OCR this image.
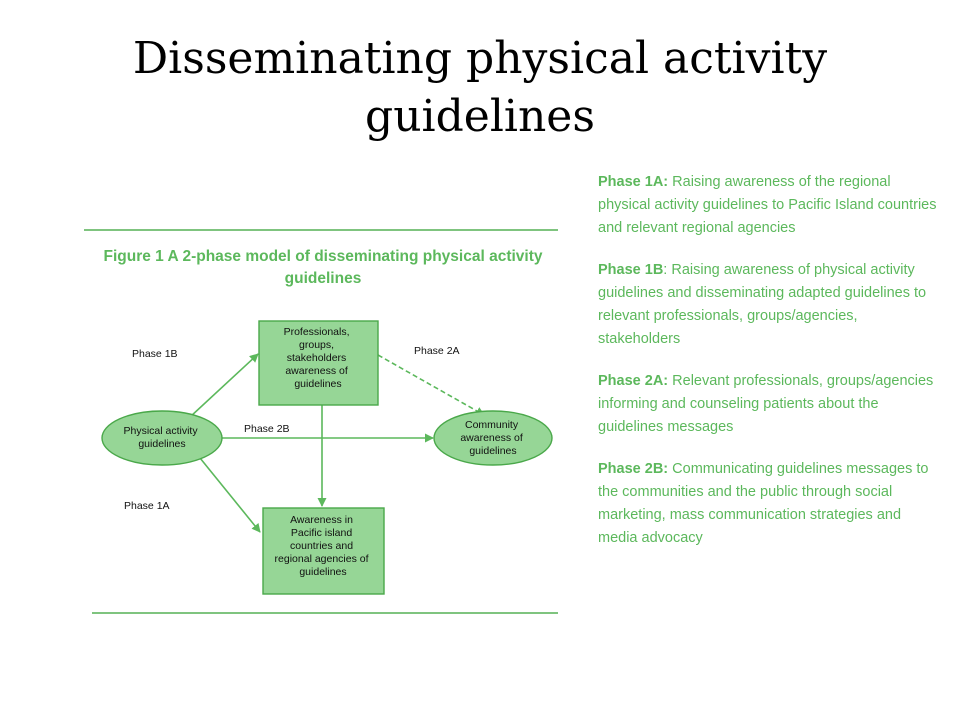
Disseminating physical activity guidelines
Figure 1 A 2-phase model of disseminating physical activity guidelines
Professionals, groups, stakeholders awareness of guidelines
Physical activity guidelines
Community awareness of guidelines
Awareness in Pacific island countries and regional agencies of guidelines
Phase 1B	Phase 2A
Phase 2B
Phase 1A

Phase 1A: Raising awareness of the regional physical activity guidelines to Pacific Island countries and relevant regional agencies

Phase 1B: Raising awareness of physical activity guidelines and disseminating adapted guidelines to relevant professionals, groups/agencies, stakeholders

Phase 2A: Relevant professionals, groups/agencies informing and counseling patients about the guidelines messages

Phase 2B: Communicating guidelines messages to the communities and the public through social marketing, mass communication strategies and media advocacy
